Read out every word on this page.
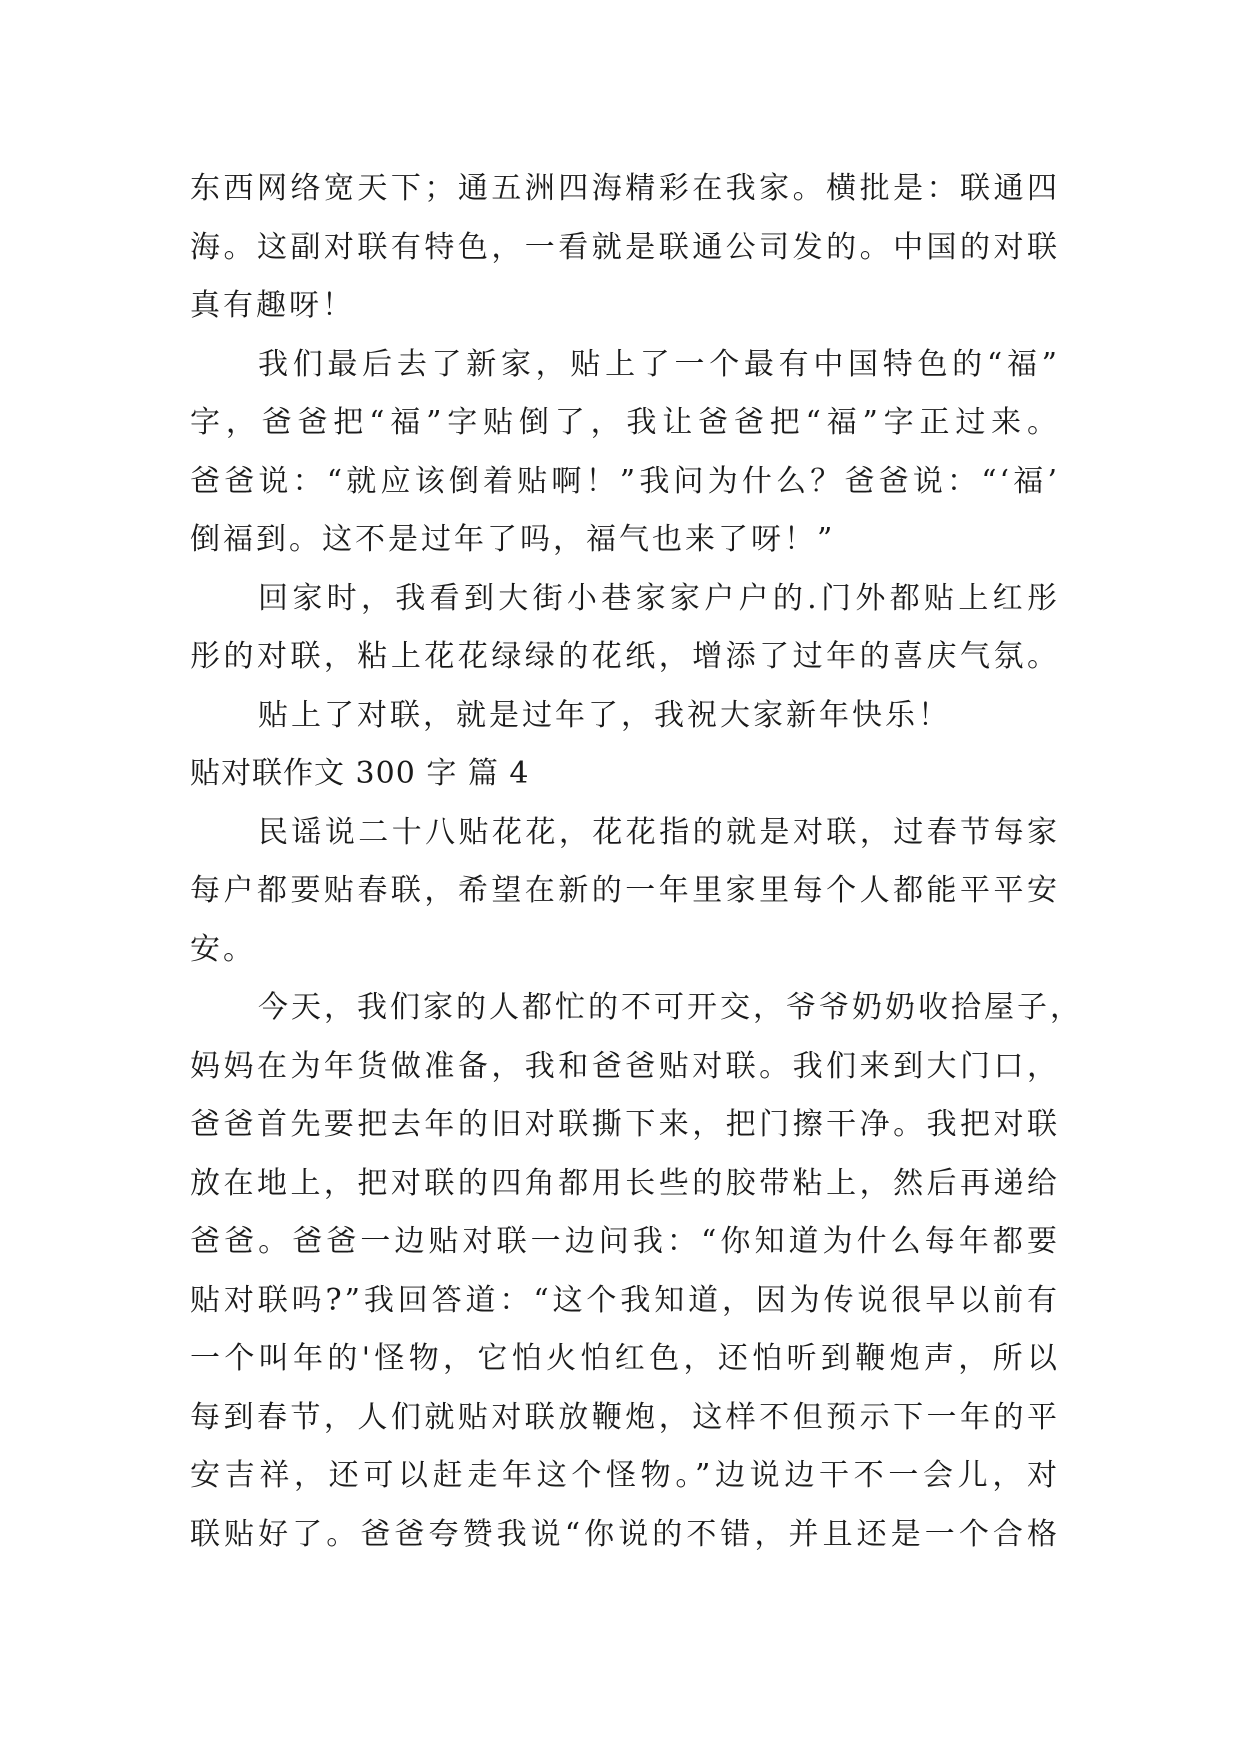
东西网络宽天下；通五洲四海精彩在我家。横批是：联通四
海。这副对联有特色，一看就是联通公司发的。中国的对联
真有趣呀！
我们最后去了新家，贴上了一个最有中国特色的“福”
字，爸爸把“福”字贴倒了，我让爸爸把“福”字正过来。
爸爸说：“就应该倒着贴啊！”我问为什么？爸爸说：“‘福’
倒福到。这不是过年了吗，福气也来了呀！”
回家时，我看到大街小巷家家户户的.门外都贴上红彤
彤的对联，粘上花花绿绿的花纸，增添了过年的喜庆气氛。
贴上了对联，就是过年了，我祝大家新年快乐！
贴对联作文 300 字 篇 4
民谣说二十八贴花花，花花指的就是对联，过春节每家
每户都要贴春联，希望在新的一年里家里每个人都能平平安
安。
今天，我们家的人都忙的不可开交，爷爷奶奶收拾屋子，
妈妈在为年货做准备，我和爸爸贴对联。我们来到大门口，
爸爸首先要把去年的旧对联撕下来，把门擦干净。我把对联
放在地上，把对联的四角都用长些的胶带粘上，然后再递给
爸爸。爸爸一边贴对联一边问我：“你知道为什么每年都要
贴对联吗?”我回答道：“这个我知道，因为传说很早以前有
一个叫年的'怪物，它怕火怕红色，还怕听到鞭炮声，所以
每到春节，人们就贴对联放鞭炮，这样不但预示下一年的平
安吉祥，还可以赶走年这个怪物。”边说边干不一会儿，对
联贴好了。爸爸夸赞我说“你说的不错，并且还是一个合格
